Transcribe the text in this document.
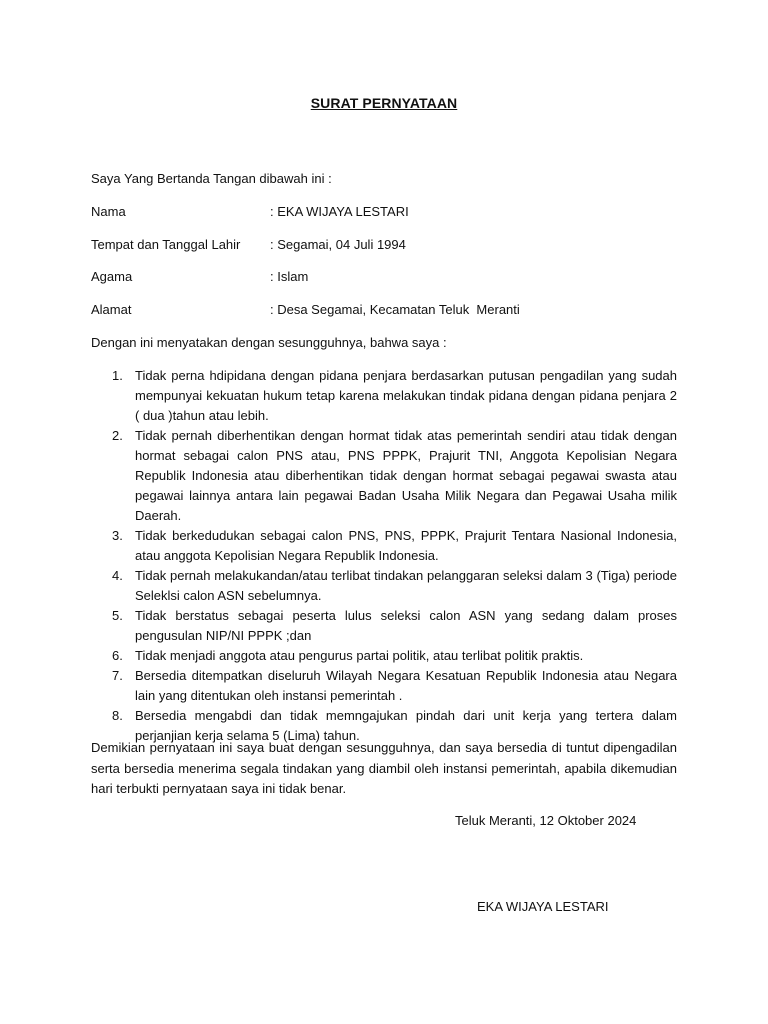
SURAT PERNYATAAN
Saya Yang Bertanda Tangan dibawah ini :
Nama	: EKA WIJAYA LESTARI
Tempat dan Tanggal Lahir : Segamai, 04 Juli 1994
Agama	: Islam
Alamat	: Desa Segamai, Kecamatan Teluk  Meranti
Dengan ini menyatakan dengan sesungguhnya, bahwa saya :
1. Tidak perna hdipidana dengan pidana penjara berdasarkan putusan pengadilan yang sudah mempunyai kekuatan hukum tetap karena melakukan tindak pidana dengan pidana penjara 2 ( dua )tahun atau lebih.
2. Tidak pernah diberhentikan dengan hormat tidak atas pemerintah sendiri atau tidak dengan hormat sebagai calon PNS atau, PNS PPPK, Prajurit TNI, Anggota Kepolisian Negara Republik Indonesia atau diberhentikan tidak dengan hormat sebagai pegawai swasta atau pegawai lainnya antara lain pegawai Badan Usaha Milik Negara dan Pegawai Usaha milik Daerah.
3. Tidak berkedudukan sebagai calon PNS, PNS, PPPK, Prajurit Tentara Nasional Indonesia, atau anggota Kepolisian Negara Republik Indonesia.
4. Tidak pernah melakukandan/atau terlibat tindakan pelanggaran seleksi dalam 3 (Tiga) periode Seleklsi calon ASN sebelumnya.
5. Tidak berstatus sebagai peserta lulus seleksi calon ASN yang sedang dalam proses pengusulan NIP/NI PPPK ;dan
6. Tidak menjadi anggota atau pengurus partai politik, atau terlibat politik praktis.
7. Bersedia ditempatkan diseluruh Wilayah Negara Kesatuan Republik Indonesia atau Negara lain yang ditentukan oleh instansi pemerintah .
8. Bersedia mengabdi dan tidak memngajukan pindah dari unit kerja yang tertera dalam perjanjian kerja selama 5 (Lima) tahun.
Demikian pernyataan ini saya buat dengan sesungguhnya, dan saya bersedia di tuntut dipengadilan serta bersedia menerima segala tindakan yang diambil oleh instansi pemerintah, apabila dikemudian hari terbukti pernyataan saya ini tidak benar.
Teluk Meranti, 12 Oktober 2024
EKA WIJAYA LESTARI
